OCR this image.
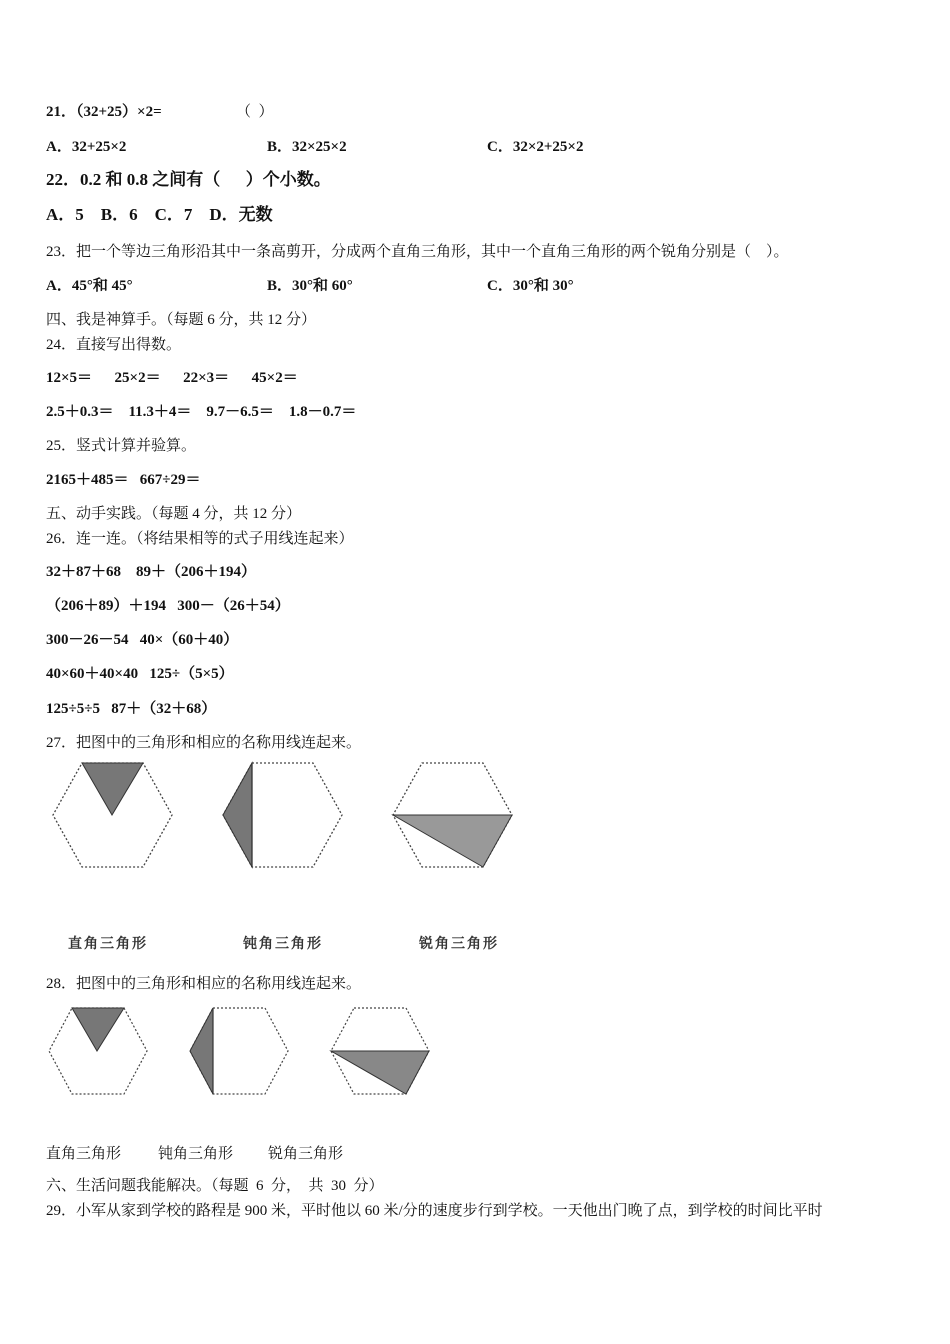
21．（32+25）×2=	（  ）
A．32+25×2	B．32×25×2	C．32×2+25×2
22．0.2 和 0.8 之间有（      ）个小数。
A．5    B．6    C．7    D．无数
23．把一个等边三角形沿其中一条高剪开，分成两个直角三角形，其中一个直角三角形的两个锐角分别是（    ）。
A．45°和 45°	B．30°和 60°	C．30°和 30°
四、我是神算手。（每题 6 分，共 12 分）
24．直接写出得数。
12×5＝      25×2＝      22×3＝      45×2＝
2.5＋0.3＝    11.3＋4＝    9.7－6.5＝    1.8－0.7＝
25．竖式计算并验算。
2165＋485＝   667÷29＝
五、动手实践。（每题 4 分，共 12 分）
26．连一连。（将结果相等的式子用线连起来）
32＋87＋68    89＋（206＋194）
（206＋89）＋194   300－（26＋54）
300－26－54   40×（60＋40）
40×60＋40×40   125÷（5×5）
125÷5÷5   87＋（32＋68）
27．把图中的三角形和相应的名称用线连起来。
直角三角形	钝角三角形	锐角三角形
28．把图中的三角形和相应的名称用线连起来。
直角三角形 钝角三角形 锐角三角形
六、生活问题我能解决。（每题  6  分，  共  30  分）
29．小军从家到学校的路程是 900 米，平时他以 60 米/分的速度步行到学校。一天他出门晚了点，到学校的时间比平时
